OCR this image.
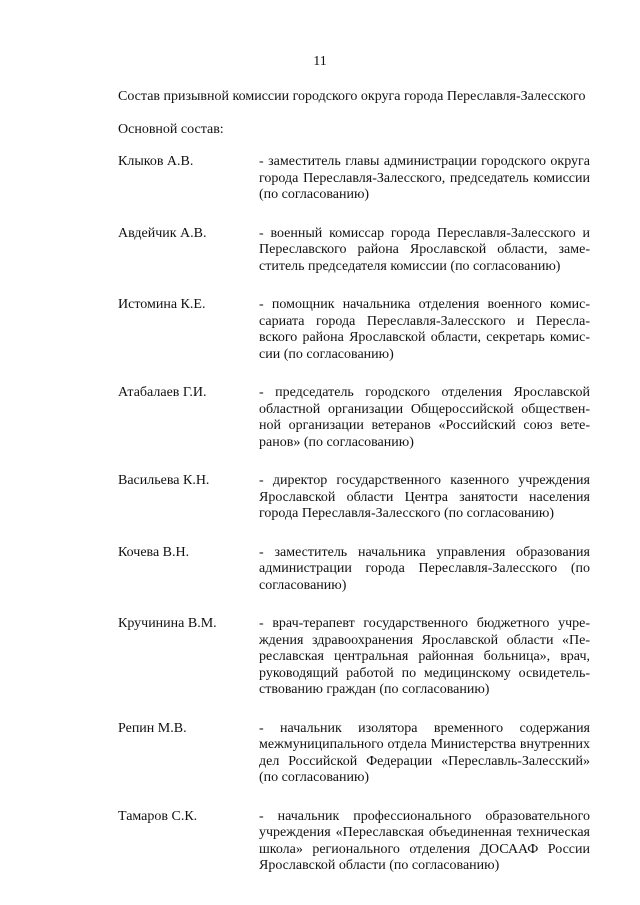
11
Состав призывной комиссии городского округа города Переславля-Залесского
Основной состав:
Клыков А.В.	- заместитель главы администрации городского округа города Переславля-Залесского, председатель комиссии (по согласованию)
Авдейчик А.В.	- военный комиссар города Переславля-Залесского и Переславского района Ярославской области, заместитель председателя комиссии (по согласованию)
Истомина К.Е.	- помощник начальника отделения военного комиссариата города Переславля-Залесского и Переславского района Ярославской области, секретарь комиссии (по согласованию)
Атабалаев Г.И.	- председатель городского отделения Ярославской областной организации Общероссийской общественной организации ветеранов «Российский союз ветеранов» (по согласованию)
Васильева К.Н.	- директор государственного казенного учреждения Ярославской области Центра занятости населения города Переславля-Залесского (по согласованию)
Кочева В.Н.	- заместитель начальника управления образования администрации города Переславля-Залесского (по согласованию)
Кручинина В.М.	- врач-терапевт государственного бюджетного учреждения здравоохранения Ярославской области «Переславская центральная районная больница», врач, руководящий работой по медицинскому освидетельствованию граждан (по согласованию)
Репин М.В.	- начальник изолятора временного содержания межмуниципального отдела Министерства внутренних дел Российской Федерации «Переславль-Залесский» (по согласованию)
Тамаров С.К.	- начальник профессионального образовательного учреждения «Переславская объединенная техническая школа» регионального отделения ДОСААФ России Ярославской области (по согласованию)
